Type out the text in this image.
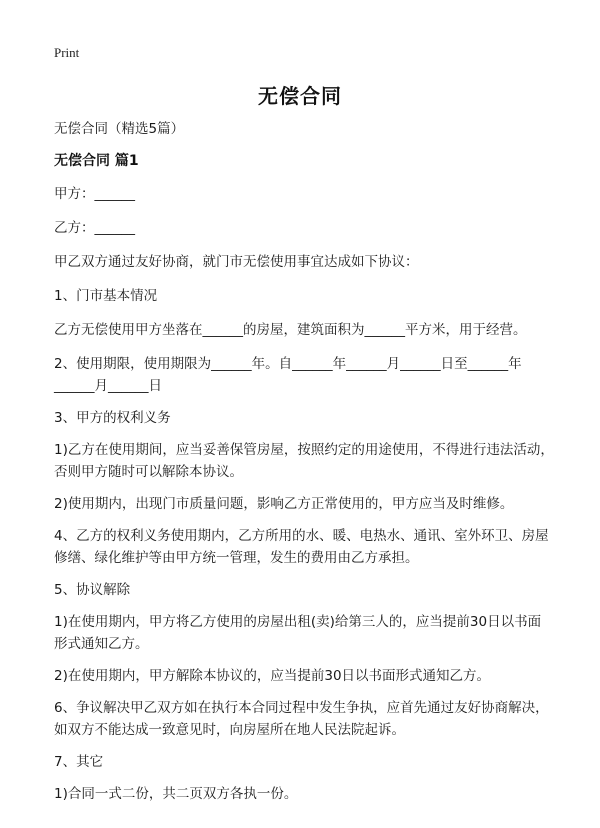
Print
无偿合同

无偿合同（精选5篇）

无偿合同 篇1

甲方：______

乙方：______

甲乙双方通过友好协商，就门市无偿使用事宜达成如下协议：

1、门市基本情况

乙方无偿使用甲方坐落在______的房屋，建筑面积为______平方米，用于经营。

2、使用期限，使用期限为______年。自______年______月______日至______年______月______日

3、甲方的权利义务

1)乙方在使用期间，应当妥善保管房屋，按照约定的用途使用，不得进行违法活动，否则甲方随时可以解除本协议。

2)使用期内，出现门市质量问题，影响乙方正常使用的，甲方应当及时维修。

4、乙方的权利义务使用期内，乙方所用的水、暖、电热水、通讯、室外环卫、房屋修缮、绿化维护等由甲方统一管理，发生的费用由乙方承担。

5、协议解除

1)在使用期内，甲方将乙方使用的房屋出租(卖)给第三人的，应当提前30日以书面形式通知乙方。

2)在使用期内，甲方解除本协议的，应当提前30日以书面形式通知乙方。

6、争议解决甲乙双方如在执行本合同过程中发生争执，应首先通过友好协商解决，如双方不能达成一致意见时，向房屋所在地人民法院起诉。

7、其它

1)合同一式二份，共二页双方各执一份。
